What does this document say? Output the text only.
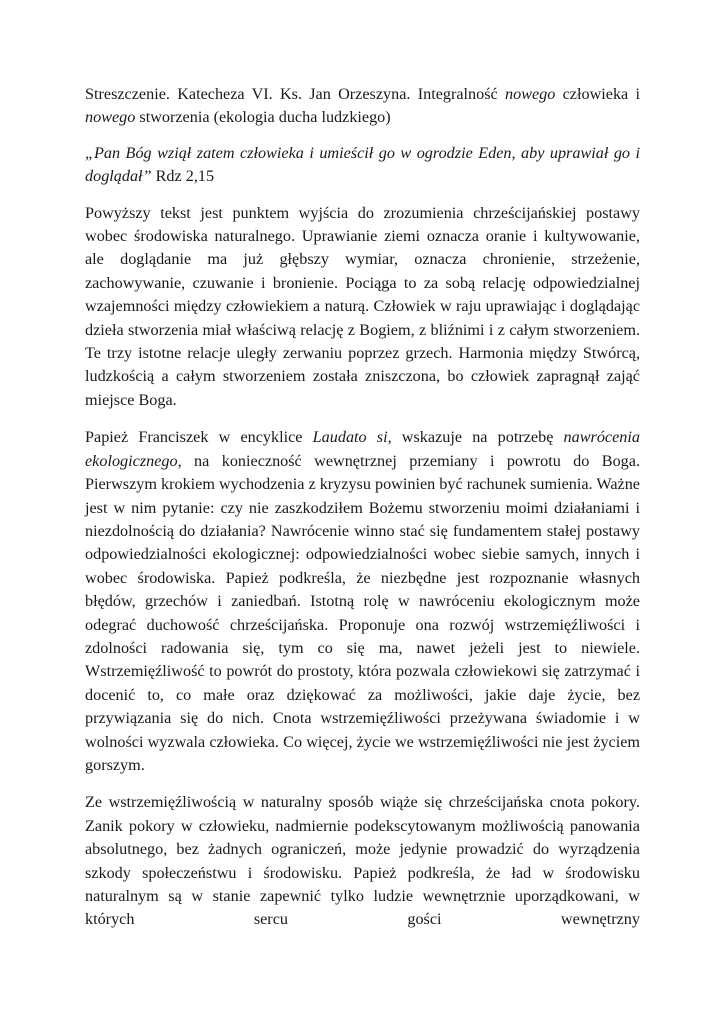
Streszczenie. Katecheza VI. Ks. Jan Orzeszyna. Integralność nowego człowieka i nowego stworzenia (ekologia ducha ludzkiego)

„Pan Bóg wziął zatem człowieka i umieścił go w ogrodzie Eden, aby uprawiał go i doglądał” Rdz 2,15

Powyższy tekst jest punktem wyjścia do zrozumienia chrześcijańskiej postawy wobec środowiska naturalnego. Uprawianie ziemi oznacza oranie i kultywowanie, ale doglądanie ma już głębszy wymiar, oznacza chronienie, strzeżenie, zachowywanie, czuwanie i bronienie. Pociąga to za sobą relację odpowiedzialnej wzajemności między człowiekiem a naturą. Człowiek w raju uprawiając i doglądając dzieła stworzenia miał właściwą relację z Bogiem, z bliźnimi i z całym stworzeniem. Te trzy istotne relacje uległy zerwaniu poprzez grzech. Harmonia między Stwórcą, ludzkością a całym stworzeniem została zniszczona, bo człowiek zapragnął zająć miejsce Boga.

Papież Franciszek w encyklice Laudato si, wskazuje na potrzebę nawrócenia ekologicznego, na konieczność wewnętrznej przemiany i powrotu do Boga. Pierwszym krokiem wychodzenia z kryzysu powinien być rachunek sumienia. Ważne jest w nim pytanie: czy nie zaszkodziłem Bożemu stworzeniu moimi działaniami i niezdolnością do działania? Nawrócenie winno stać się fundamentem stałej postawy odpowiedzialności ekologicznej: odpowiedzialności wobec siebie samych, innych i wobec środowiska. Papież podkreśla, że niezbędne jest rozpoznanie własnych błędów, grzechów i zaniedbań. Istotną rolę w nawróceniu ekologicznym może odegrać duchowość chrześcijańska. Proponuje ona rozwój wstrzemięźliwości i zdolności radowania się, tym co się ma, nawet jeżeli jest to niewiele. Wstrzemięźliwość to powrót do prostoty, która pozwala człowiekowi się zatrzymać i docenić to, co małe oraz dziękować za możliwości, jakie daje życie, bez przywiązania się do nich. Cnota wstrzemięźliwości przeżywana świadomie i w wolności wyzwala człowieka. Co więcej, życie we wstrzemięźliwości nie jest życiem gorszym.

Ze wstrzemięźliwością w naturalny sposób wiąże się chrześcijańska cnota pokory. Zanik pokory w człowieku, nadmiernie podekscytowanym możliwością panowania absolutnego, bez żadnych ograniczeń, może jedynie prowadzić do wyrządzenia szkody społeczeństwu i środowisku. Papież podkreśla, że ład w środowisku naturalnym są w stanie zapewnić tylko ludzie wewnętrznie uporządkowani, w których sercu gości wewnętrzny
